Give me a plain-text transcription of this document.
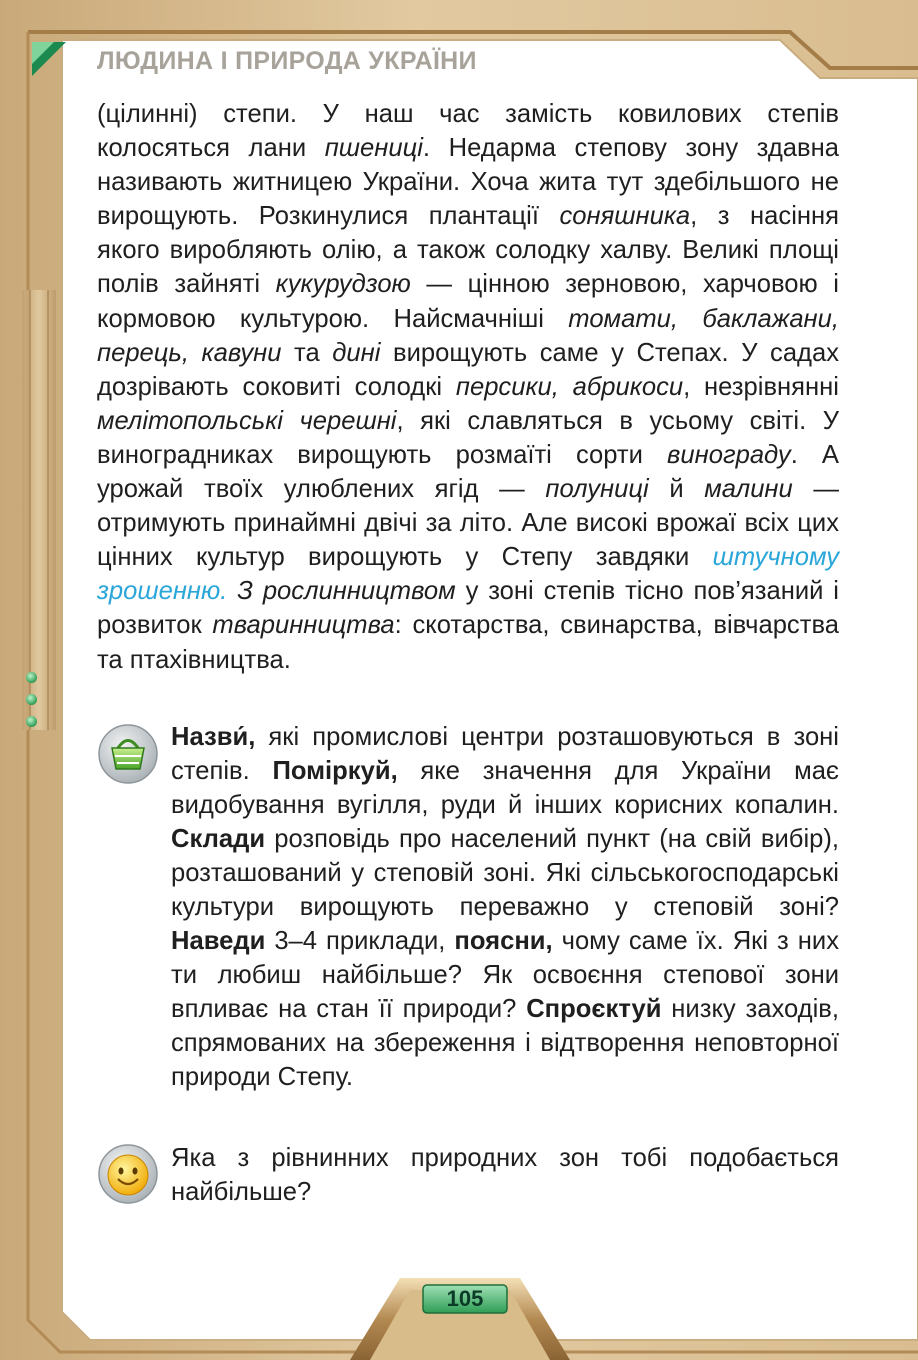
ЛЮДИНА І ПРИРОДА УКРАЇНИ

(цілинні) степи. У наш час замість ковилових степів колосяться лани пшениці. Недарма степову зону здавна називають житницею України. Хоча жита тут здебільшого не вирощують. Розкинулися плантації соняшника, з насіння якого виробляють олію, а також солодку халву. Великі площі полів зайняті кукурудзою — цінною зерновою, харчовою і кормовою культурою. Найсмачніші томати, баклажани, перець, кавуни та дині вирощують саме у Степах. У садах дозрівають соковиті солодкі персики, абрикоси, незрівнянні мелітопольські черешні, які славляться в усьому світі. У виноградниках вирощують розмаїті сорти винограду. А урожай твоїх улюблених ягід — полуниці й малини — отримують принаймні двічі за літо. Але високі врожаї всіх цих цінних культур вирощують у Степу завдяки штучному зрошенню. З рослинництвом у зоні степів тісно пов’язаний і розвиток тваринництва: скотарства, свинарства, вівчарства та птахівництва.

Назви́, які промислові центри розташовуються в зоні степів. Поміркуй, яке значення для України має видобування вугілля, руди й інших корисних копалин. Склади розповідь про населений пункт (на свій вибір), розташований у степовій зоні. Які сільськогосподарські культури вирощують переважно у степовій зоні? Наведи 3–4 приклади, поясни, чому саме їх. Які з них ти любиш найбільше? Як освоєння степової зони впливає на стан її природи? Спроєктуй низку заходів, спрямованих на збереження і відтворення неповторної природи Степу.
Яка з рівнинних природних зон тобі подобається найбільше?
105
